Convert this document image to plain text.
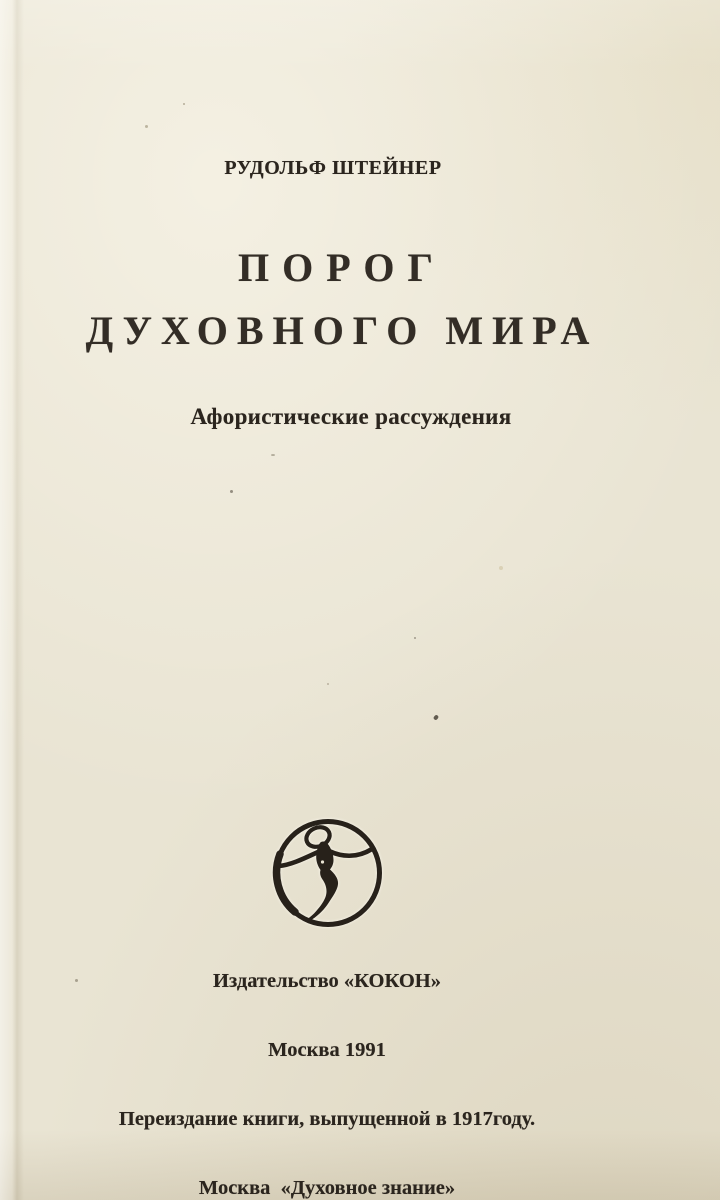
РУДОЛЬФ ШТЕЙНЕР
ПОРОГ
ДУХОВНОГО МИРА
Афористические рассуждения

Издательство «КОКОН»

Москва 1991

Переиздание книги, выпущенной в 1917году.

Москва  «Духовное знание»
